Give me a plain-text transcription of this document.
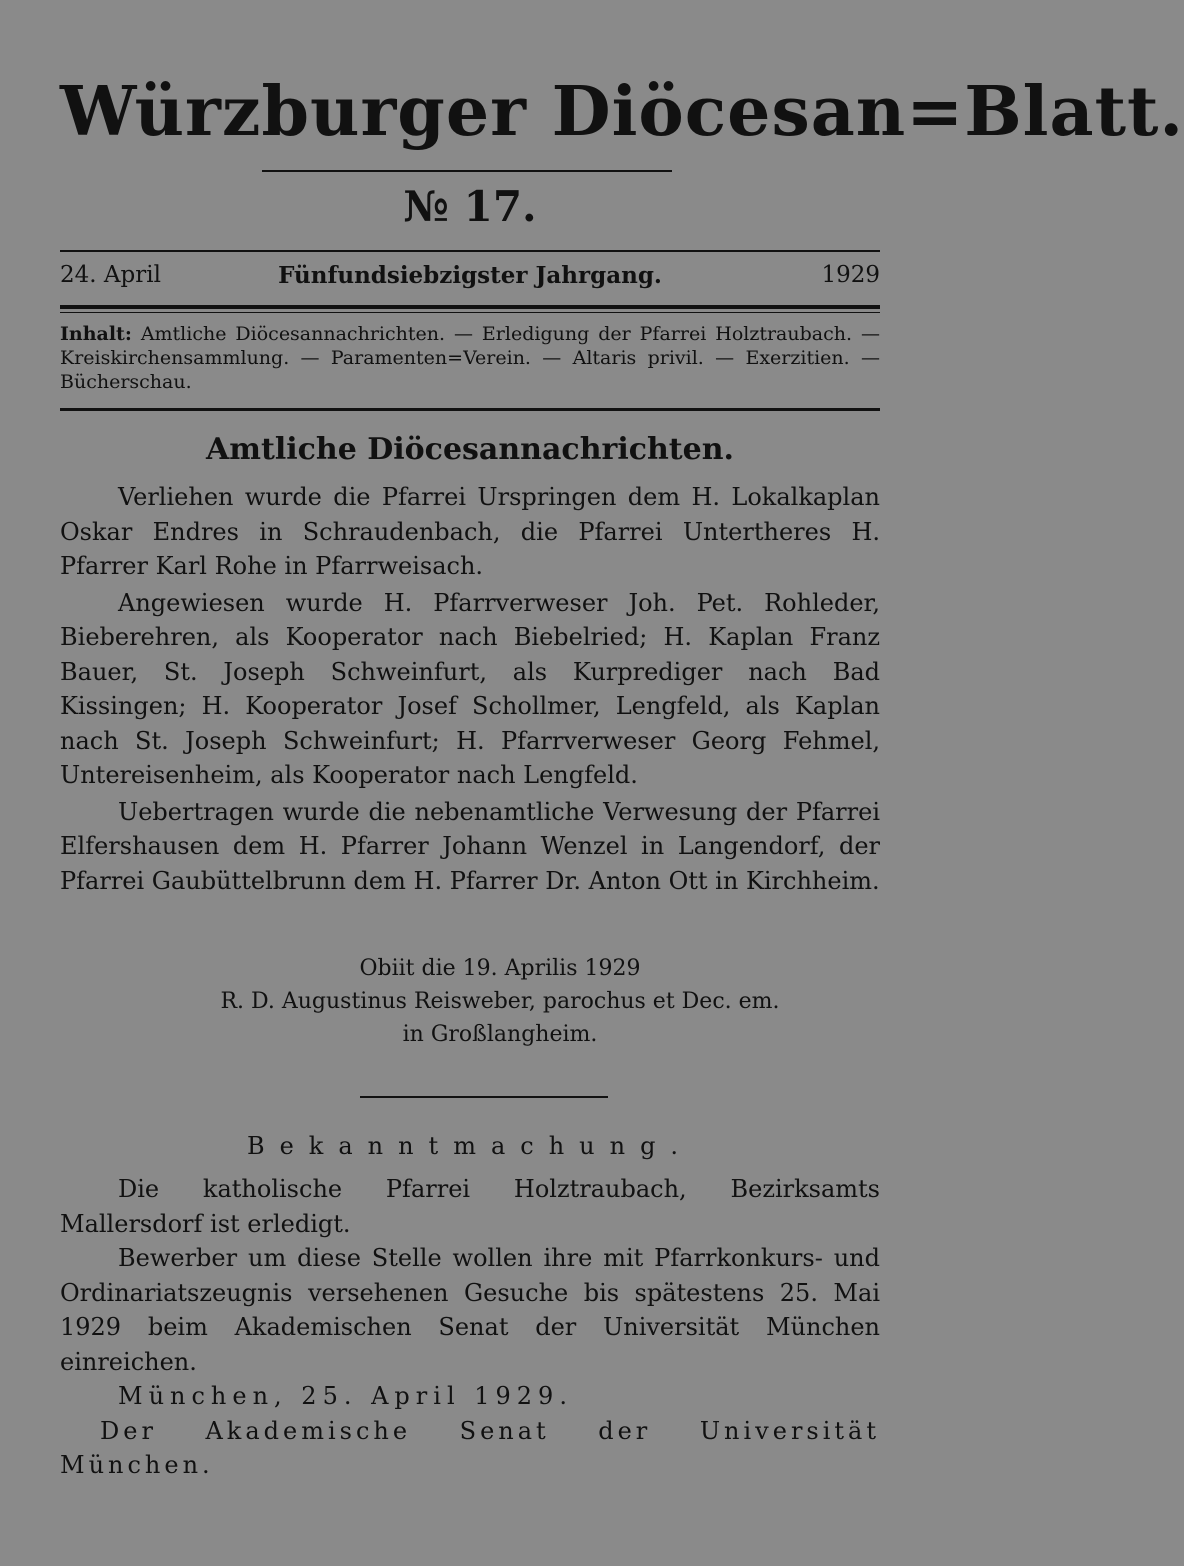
Würzburger Diöcesan=Blatt.
№ 17.
24. April	Fünfundsiebzigster Jahrgang.	1929
Inhalt: Amtliche Diöcesannachrichten. — Erledigung der Pfarrei Holztraubach. — Kreiskirchensammlung. — Paramenten=Verein. — Altaris privil. — Exerzitien. — Bücherschau.
Amtliche Diöcesannachrichten.

Verliehen wurde die Pfarrei Urspringen dem H. Lokalkaplan Oskar Endres in Schraudenbach, die Pfarrei Untertheres H. Pfarrer Karl Rohe in Pfarrweisach.

Angewiesen wurde H. Pfarrverweser Joh. Pet. Rohleder, Bieberehren, als Kooperator nach Biebelried; H. Kaplan Franz Bauer, St. Joseph Schweinfurt, als Kurprediger nach Bad Kissingen; H. Kooperator Josef Schollmer, Lengfeld, als Kaplan nach St. Joseph Schweinfurt; H. Pfarrverweser Georg Fehmel, Untereisenheim, als Kooperator nach Lengfeld.

Uebertragen wurde die nebenamtliche Verwesung der Pfarrei Elfershausen dem H. Pfarrer Johann Wenzel in Langendorf, der Pfarrei Gaubüttelbrunn dem H. Pfarrer Dr. Anton Ott in Kirchheim.

Obiit die 19. Aprilis 1929
R. D. Augustinus Reisweber, parochus et Dec. em.
in Großlangheim.
Bekanntmachung.

Die katholische Pfarrei Holztraubach, Bezirksamts Mallersdorf ist erledigt.

Bewerber um diese Stelle wollen ihre mit Pfarrkonkurs- und Ordinariatszeugnis versehenen Gesuche bis spätestens 25. Mai 1929 beim Akademischen Senat der Universität München einreichen.

München, 25. April 1929.

Der Akademische Senat der Universität München.
